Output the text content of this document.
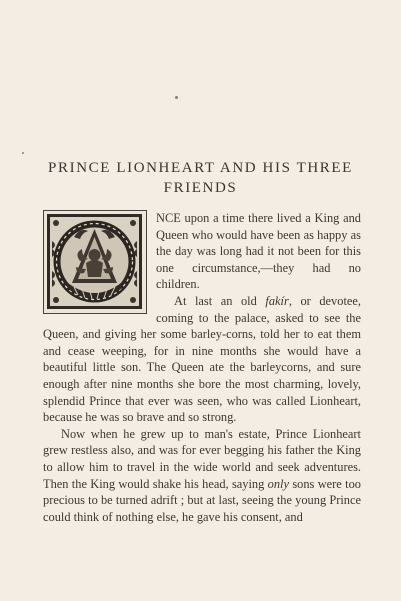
PRINCE LIONHEART AND HIS THREE
FRIENDS

NCE upon a time there lived a King and Queen who would have been as happy as the day was long had it not been for this one circumstance,—they had no children.

At last an old fakír, or devotee, coming to the palace, asked to see the Queen, and giving her some barley-corns, told her to eat them and cease weeping, for in nine months she would have a beautiful little son. The Queen ate the barleycorns, and sure enough after nine months she bore the most charming, lovely, splendid Prince that ever was seen, who was called Lionheart, because he was so brave and so strong.

Now when he grew up to man's estate, Prince Lionheart grew restless also, and was for ever begging his father the King to allow him to travel in the wide world and seek adventures. Then the King would shake his head, saying only sons were too precious to be turned adrift ; but at last, seeing the young Prince could think of nothing else, he gave his consent, and
